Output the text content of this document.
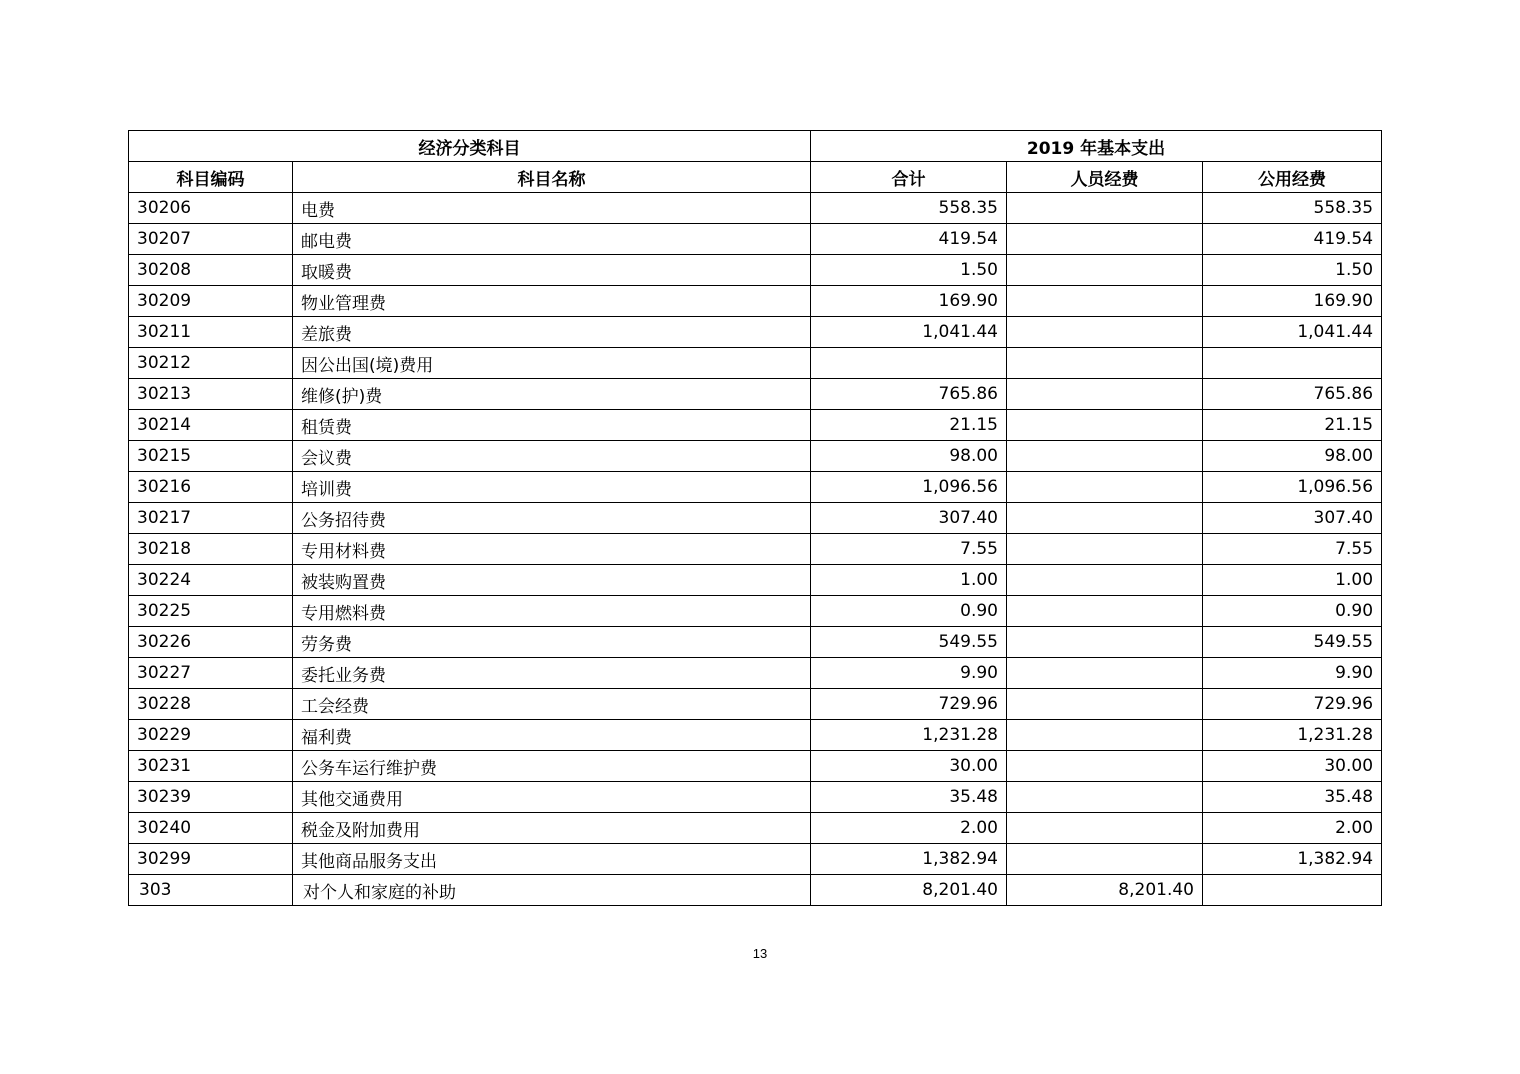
经济分类科目		2019 年基本支出		
科目编码	科目名称	合计	人员经费	公用经费
30206	电费	558.35		558.35
30207	邮电费	419.54		419.54
30208	取暖费	1.50		1.50
30209	物业管理费	169.90		169.90
30211	差旅费	1,041.44		1,041.44
30212	因公出国(境)费用			
30213	维修(护)费	765.86		765.86
30214	租赁费	21.15		21.15
30215	会议费	98.00		98.00
30216	培训费	1,096.56		1,096.56
30217	公务招待费	307.40		307.40
30218	专用材料费	7.55		7.55
30224	被装购置费	1.00		1.00
30225	专用燃料费	0.90		0.90
30226	劳务费	549.55		549.55
30227	委托业务费	9.90		9.90
30228	工会经费	729.96		729.96
30229	福利费	1,231.28		1,231.28
30231	公务车运行维护费	30.00		30.00
30239	其他交通费用	35.48		35.48
30240	税金及附加费用	2.00		2.00
30299	其他商品服务支出	1,382.94		1,382.94
303	对个人和家庭的补助	8,201.40	8,201.40	
13
